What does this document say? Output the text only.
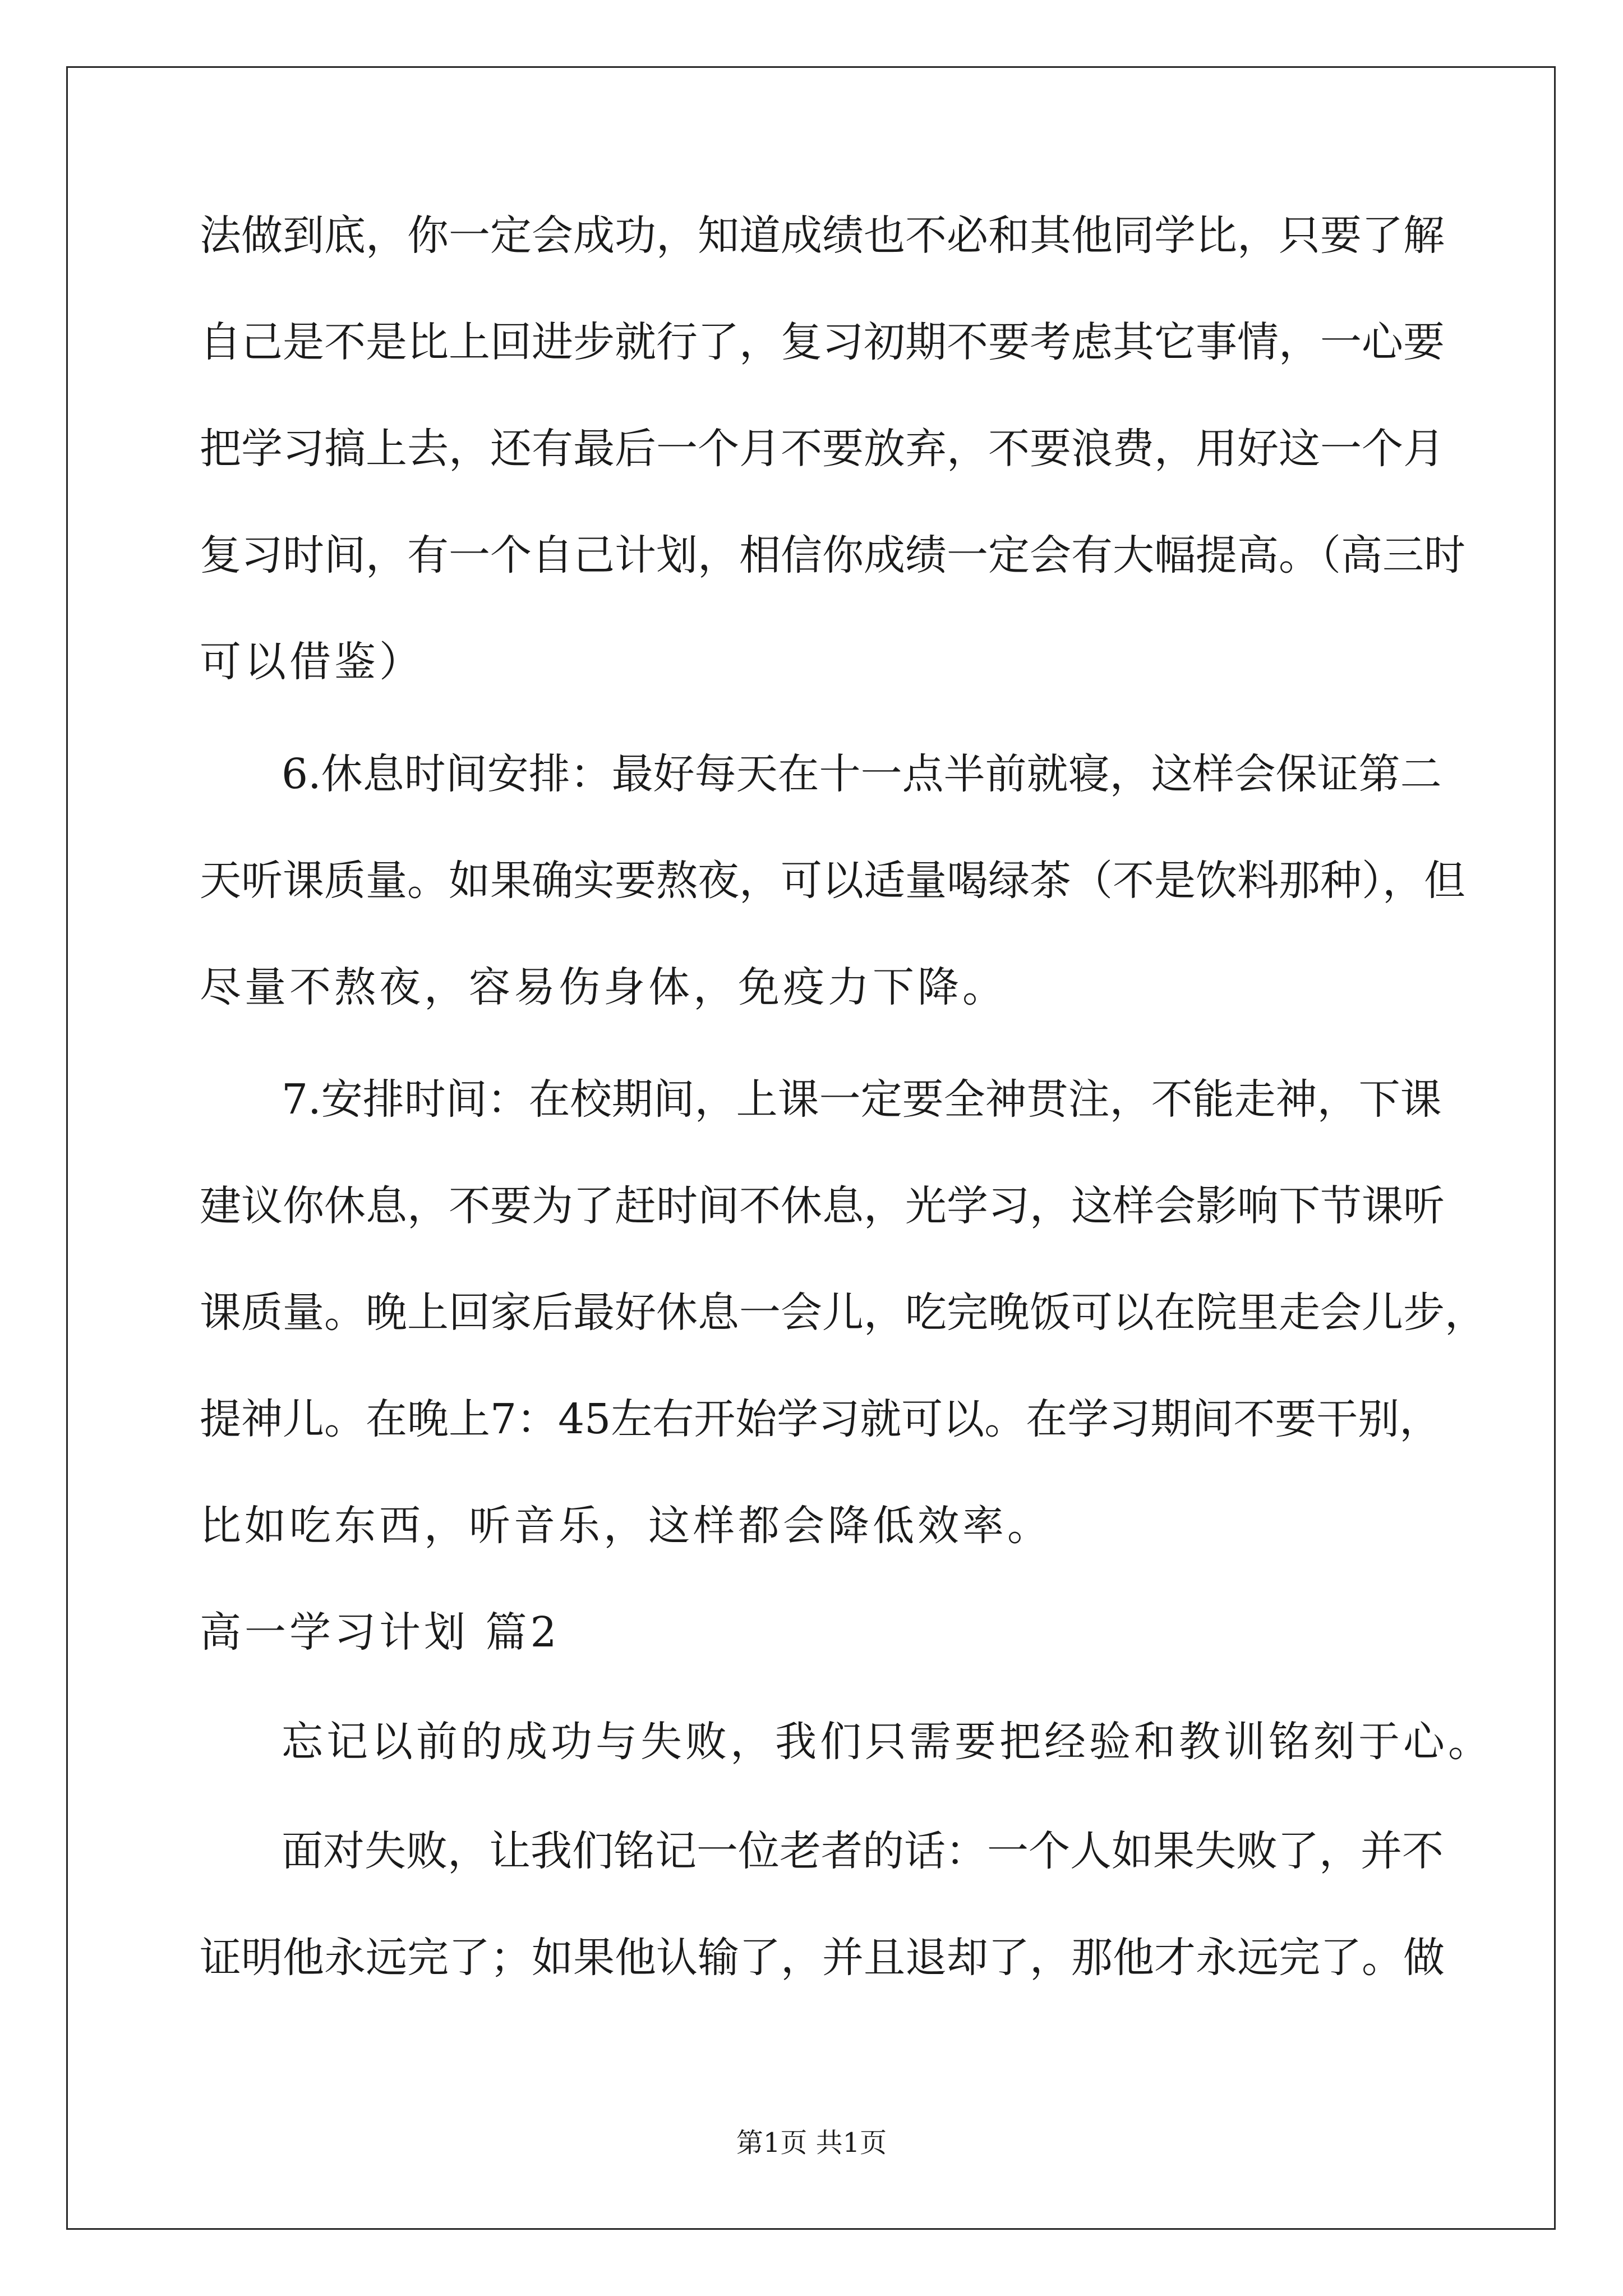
法做到底，你一定会成功，知道成绩也不必和其他同学比，只要了解
自己是不是比上回进步就行了，复习初期不要考虑其它事情，一心要
把学习搞上去，还有最后一个月不要放弃，不要浪费，用好这一个月
复习时间，有一个自己计划，相信你成绩一定会有大幅提高。（高三时
可以借鉴）
6.休息时间安排：最好每天在十一点半前就寝，这样会保证第二
天听课质量。如果确实要熬夜，可以适量喝绿茶（不是饮料那种），但
尽量不熬夜，容易伤身体，免疫力下降。
7.安排时间：在校期间，上课一定要全神贯注，不能走神，下课
建议你休息，不要为了赶时间不休息，光学习，这样会影响下节课听
课质量。晚上回家后最好休息一会儿，吃完晚饭可以在院里走会儿步，
提神儿。在晚上7：45左右开始学习就可以。在学习期间不要干别，
比如吃东西，听音乐，这样都会降低效率。
高一学习计划 篇2
忘记以前的成功与失败，我们只需要把经验和教训铭刻于心。
面对失败，让我们铭记一位老者的话：一个人如果失败了，并不
证明他永远完了；如果他认输了，并且退却了，那他才永远完了。做
第1页 共1页
